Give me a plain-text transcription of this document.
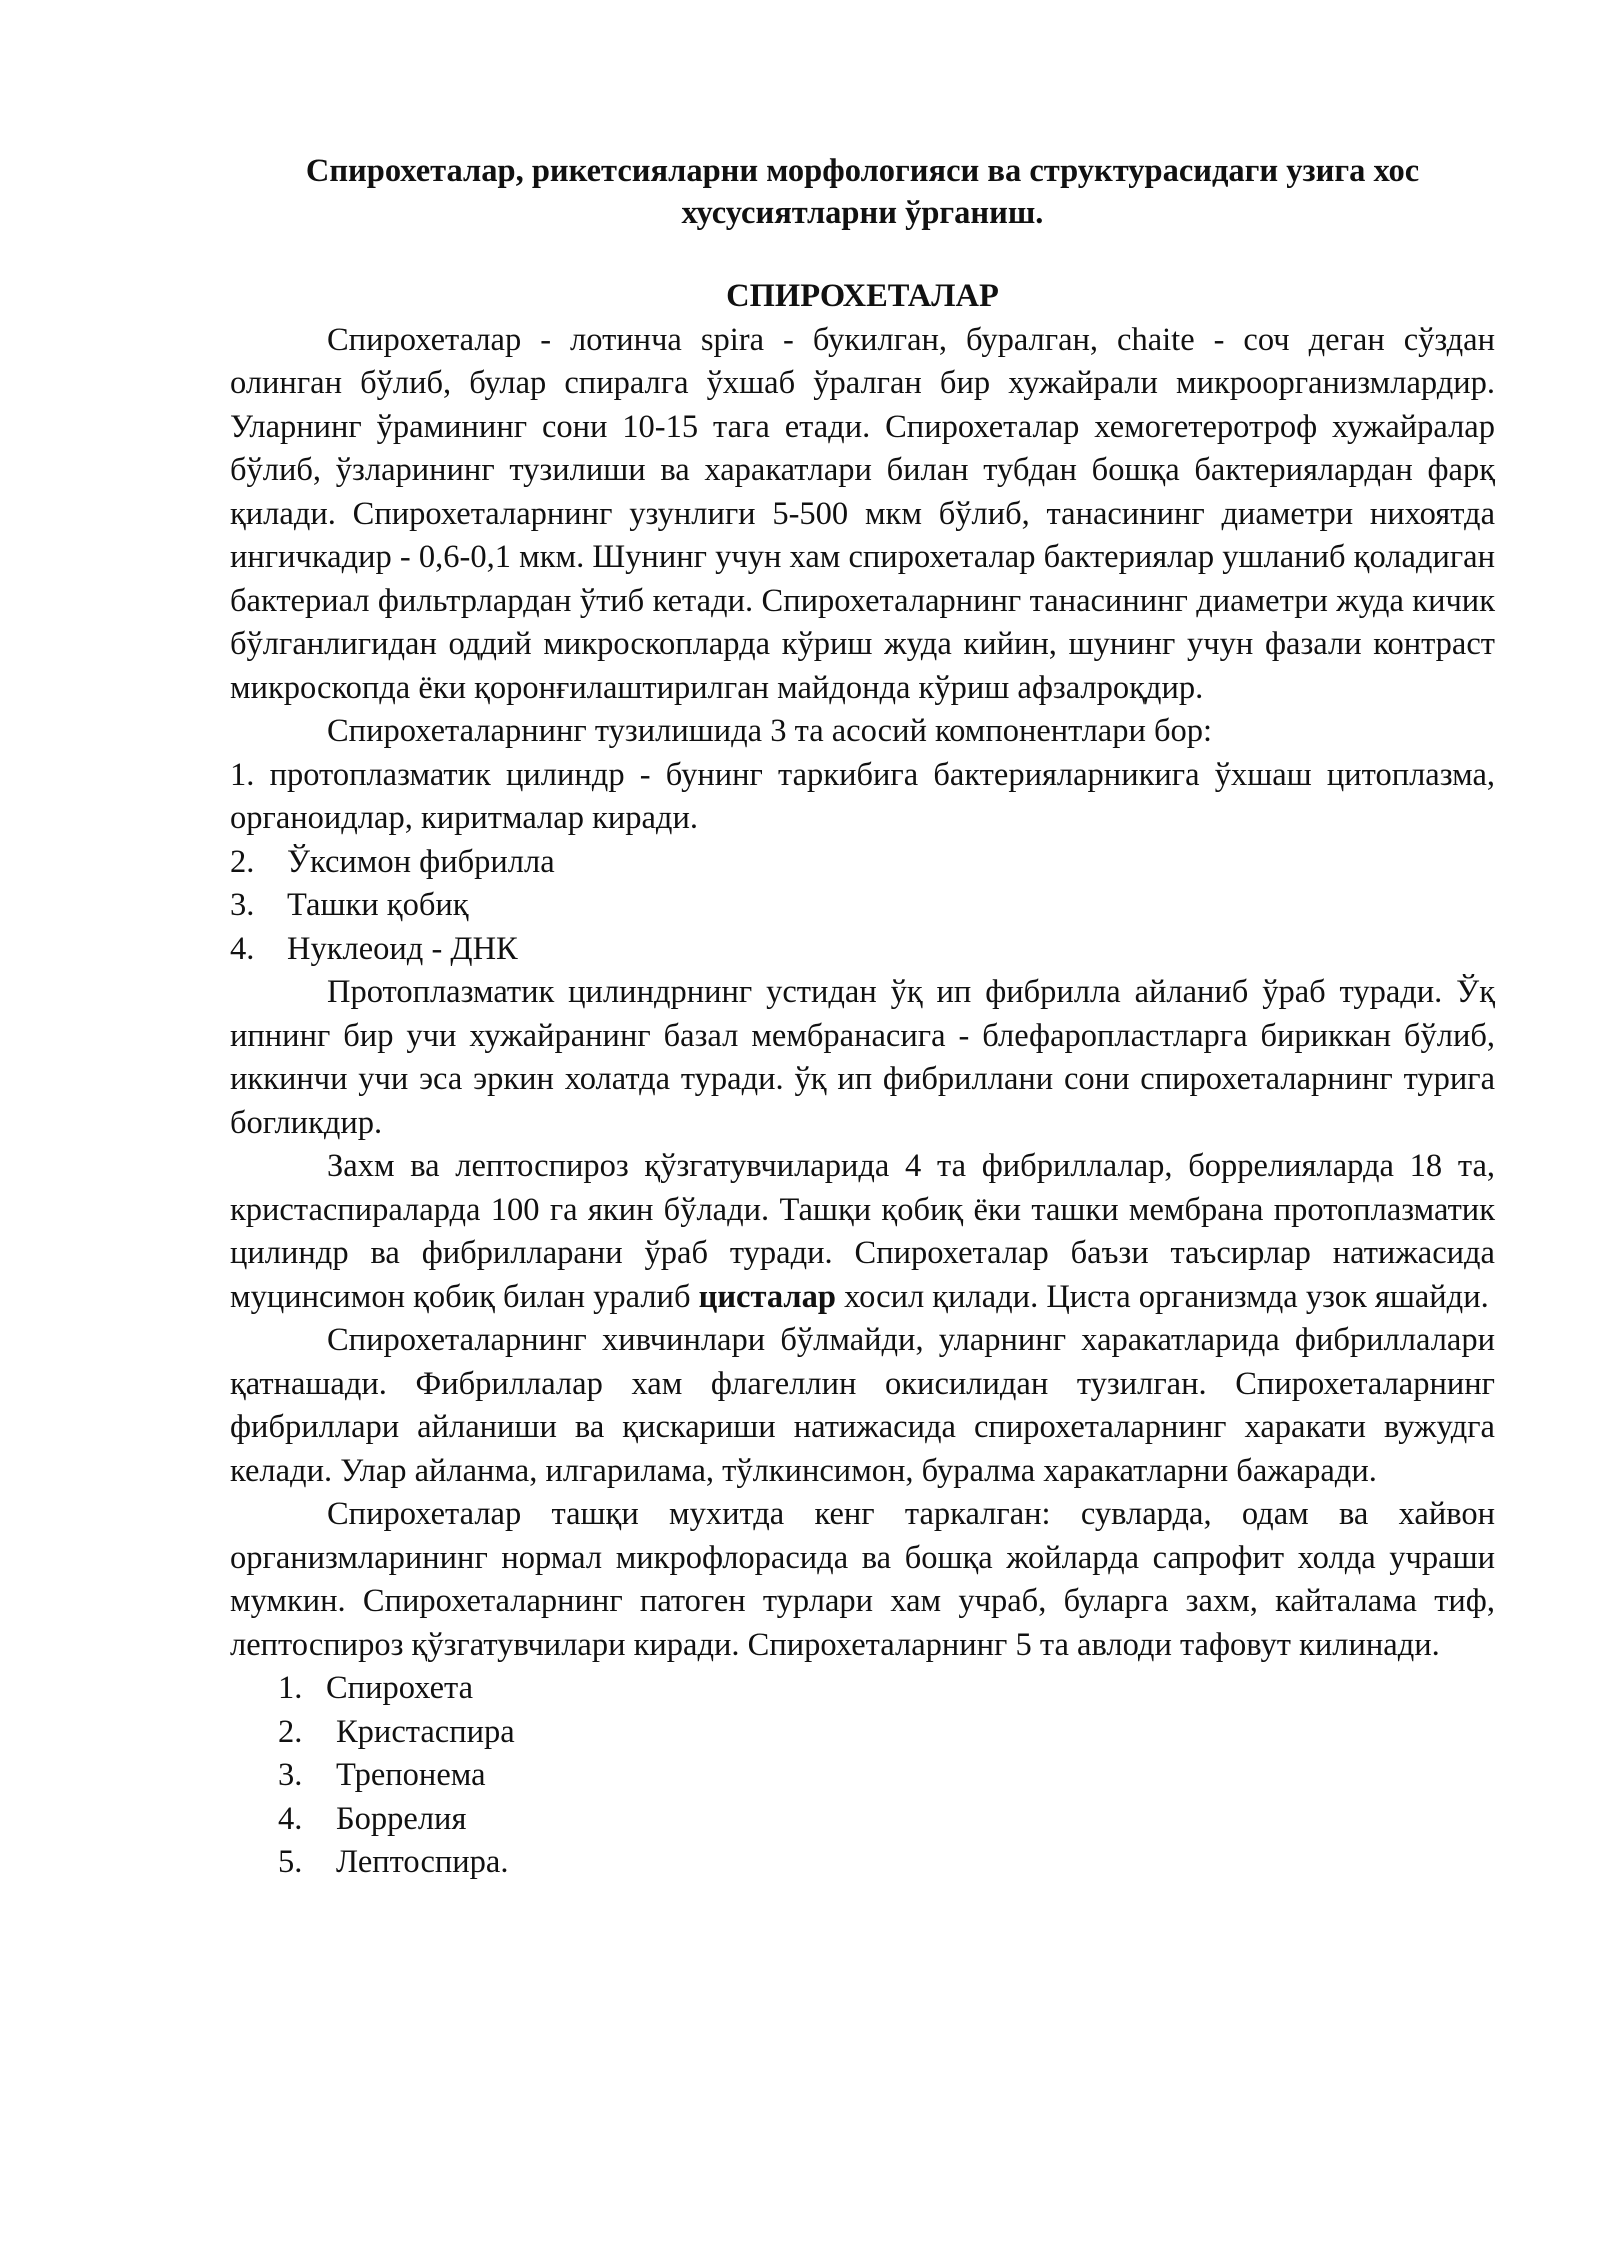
Спирохеталар, рикетсияларни морфологияси ва структурасидаги узига хос хусусиятларни ўрганиш.
СПИРОХЕТАЛАР

Спирохеталар - лотинча spira - букилган, буралган, chaite - соч деган сўздан олинган бўлиб, булар спиралга ўхшаб ўралган бир хужайрали микроорганизмлардир. Уларнинг ўрамининг сони 10-15 тага етади. Спирохеталар хемогетеротроф хужайралар бўлиб, ўзларининг тузилиши ва харакатлари билан тубдан бошқа бактериялардан фарқ қилади. Спирохеталарнинг узунлиги 5-500 мкм бўлиб, танасининг диаметри нихоятда ингичкадир - 0,6-0,1 мкм. Шунинг учун хам спирохеталар бактериялар ушланиб қоладиган бактериал фильтрлардан ўтиб кетади. Спирохеталарнинг танасининг диаметри жуда кичик бўлганлигидан оддий микроскопларда кўриш жуда кийин, шунинг учун фазали контраст микроскопда ёки қоронғилаштирилган майдонда кўриш афзалроқдир.

Спирохеталарнинг тузилишида 3 та асосий компонентлари бор:

1. протоплазматик цилиндр - бунинг таркибига бактерияларникига ўхшаш цитоплазма, органоидлар, киритмалар киради.

2. Ўксимон фибрилла

3. Ташки қобиқ

4. Нуклеоид - ДНК

Протоплазматик цилиндрнинг устидан ўқ ип фибрилла айланиб ўраб туради. Ўқ ипнинг бир учи хужайранинг базал мембранасига - блефаропластларга бириккан бўлиб, иккинчи учи эса эркин холатда туради. ўқ ип фибриллани сони спирохеталарнинг турига богликдир.

Захм ва лептоспироз қўзгатувчиларида 4 та фибриллалар, боррелияларда 18 та, кристаспираларда 100 га якин бўлади. Ташқи қобиқ ёки ташки мембрана протоплазматик цилиндр ва фибрилларани ўраб туради. Спирохеталар баъзи таъсирлар натижасида муцинсимон қобиқ билан уралиб цисталар хосил қилади. Циста организмда узок яшайди.

Спирохеталарнинг хивчинлари бўлмайди, уларнинг харакатларида фибриллалари қатнашади. Фибриллалар хам флагеллин окисилидан тузилган. Спирохеталарнинг фибриллари айланиши ва қискариши натижасида спирохеталарнинг харакати вужудга келади. Улар айланма, илгарилама, тўлкинсимон, буралма харакатларни бажаради.

Спирохеталар ташқи мухитда кенг таркалган: сувларда, одам ва хайвон организмларининг нормал микрофлорасида ва бошқа жойларда сапрофит холда учраши мумкин. Спирохеталарнинг патоген турлари хам учраб, буларга захм, кайталама тиф, лептоспироз қўзгатувчилари киради. Спирохеталарнинг 5 та авлоди тафовут килинади.

1. Спирохета

2. Кристаспира

3. Трепонема

4. Боррелия

5. Лептоспира.
